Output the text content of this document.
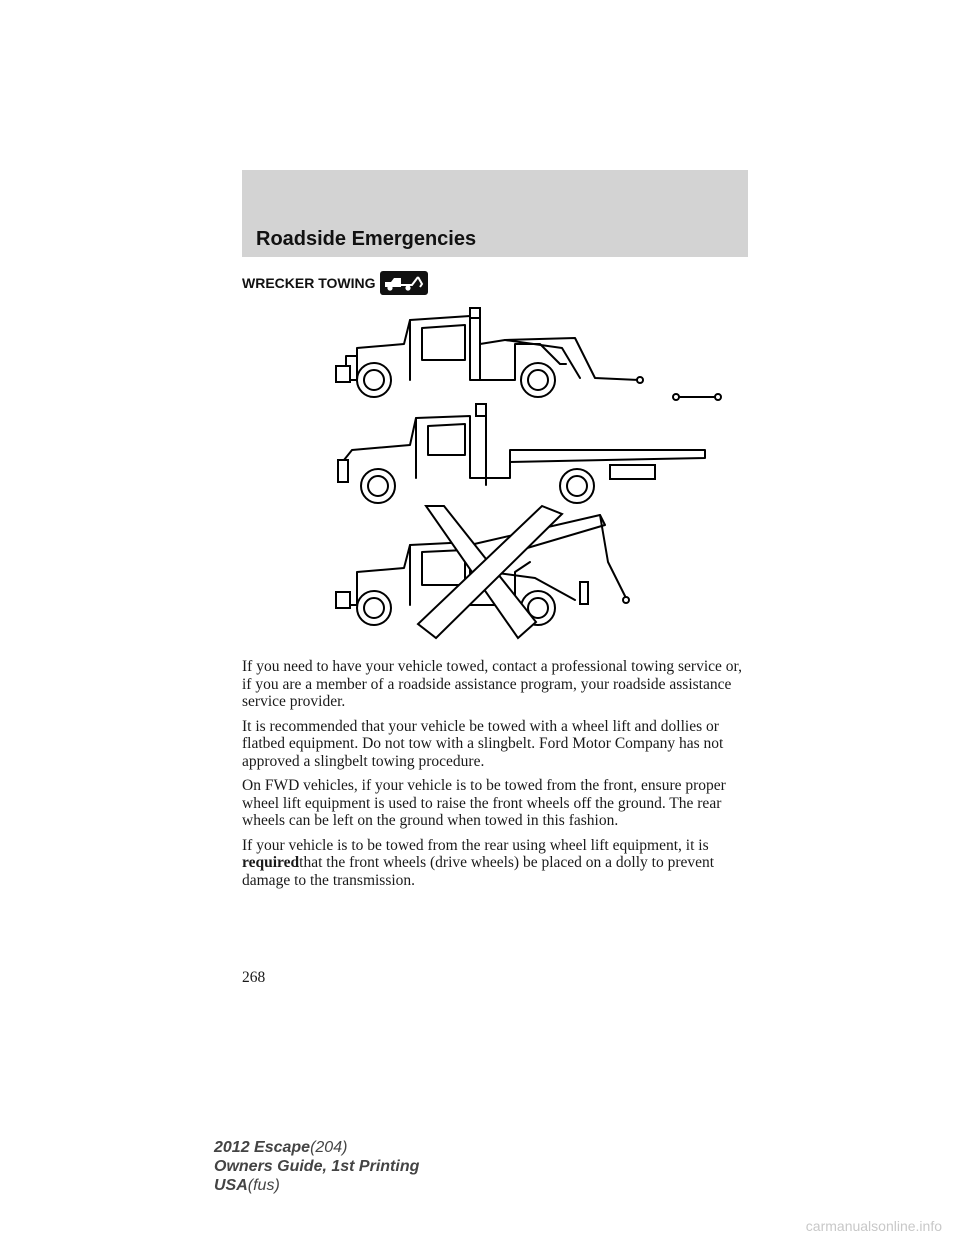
Roadside Emergencies
WRECKER TOWING

If you need to have your vehicle towed, contact a professional towing service or, if you are a member of a roadside assistance program, your roadside assistance service provider.

It is recommended that your vehicle be towed with a wheel lift and dollies or flatbed equipment. Do not tow with a slingbelt. Ford Motor Company has not approved a slingbelt towing procedure.

On FWD vehicles, if your vehicle is to be towed from the front, ensure proper wheel lift equipment is used to raise the front wheels off the ground. The rear wheels can be left on the ground when towed in this fashion.

If your vehicle is to be towed from the rear using wheel lift equipment, it is requiredthat the front wheels (drive wheels) be placed on a dolly to prevent damage to the transmission.

268
2012 Escape(204)
Owners Guide, 1st Printing
USA(fus)
carmanualsonline.info
